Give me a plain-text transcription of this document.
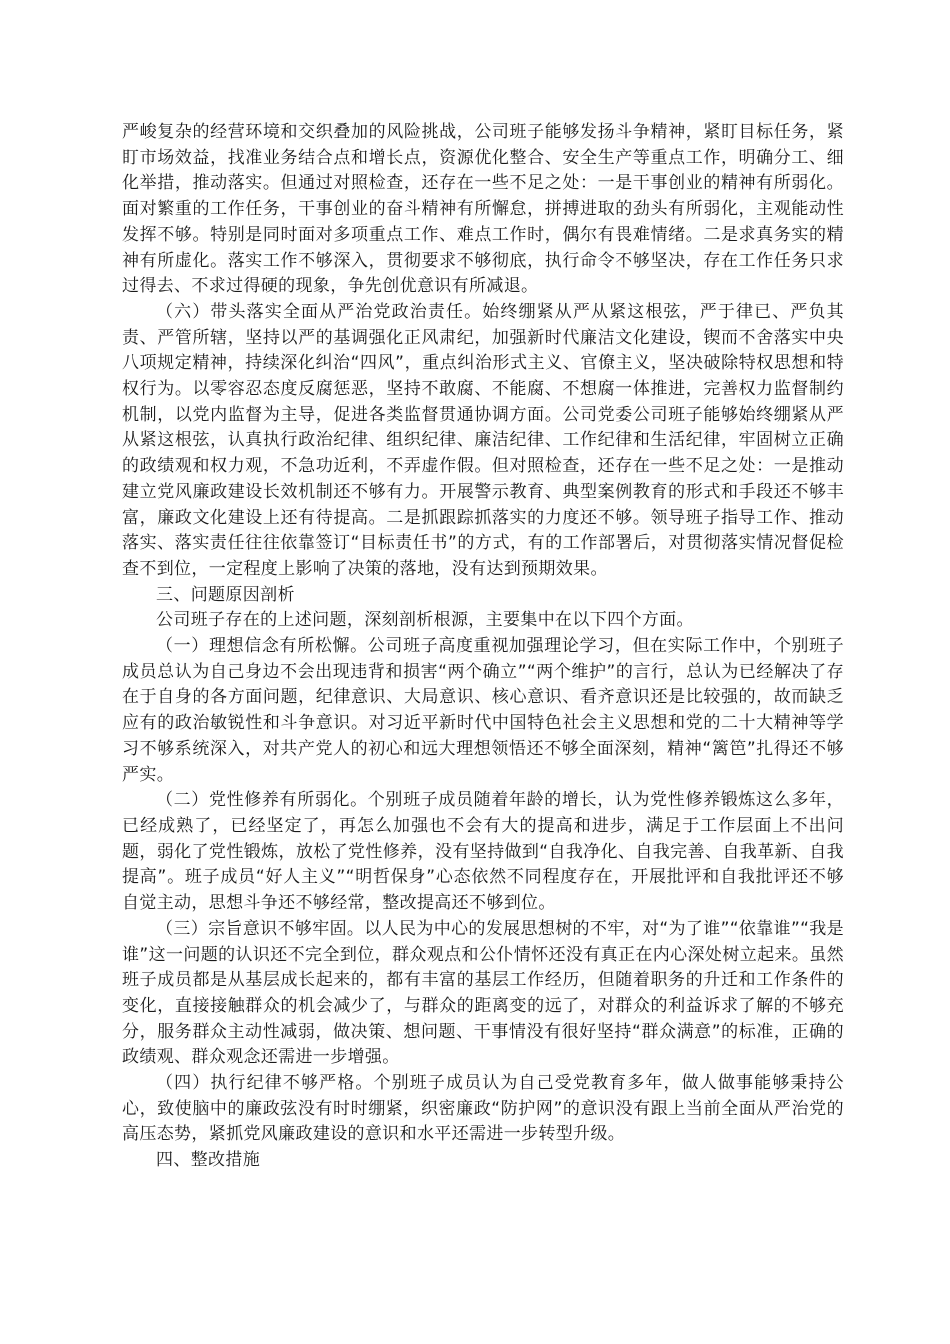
严峻复杂的经营环境和交织叠加的风险挑战，公司班子能够发扬斗争精神，紧盯目标任务，紧盯市场效益，找准业务结合点和增长点，资源优化整合、安全生产等重点工作，明确分工、细化举措，推动落实。但通过对照检查，还存在一些不足之处：一是干事创业的精神有所弱化。面对繁重的工作任务，干事创业的奋斗精神有所懈怠，拼搏进取的劲头有所弱化，主观能动性发挥不够。特别是同时面对多项重点工作、难点工作时，偶尔有畏难情绪。二是求真务实的精神有所虚化。落实工作不够深入，贯彻要求不够彻底，执行命令不够坚决，存在工作任务只求过得去、不求过得硬的现象，争先创优意识有所减退。

（六）带头落实全面从严治党政治责任。始终绷紧从严从紧这根弦，严于律已、严负其责、严管所辖，坚持以严的基调强化正风肃纪，加强新时代廉洁文化建设，锲而不舍落实中央八项规定精神，持续深化纠治“四风”，重点纠治形式主义、官僚主义，坚决破除特权思想和特权行为。以零容忍态度反腐惩恶，坚持不敢腐、不能腐、不想腐一体推进，完善权力监督制约机制，以党内监督为主导，促进各类监督贯通协调方面。公司党委公司班子能够始终绷紧从严从紧这根弦，认真执行政治纪律、组织纪律、廉洁纪律、工作纪律和生活纪律，牢固树立正确的政绩观和权力观，不急功近利，不弄虚作假。但对照检查，还存在一些不足之处：一是推动建立党风廉政建设长效机制还不够有力。开展警示教育、典型案例教育的形式和手段还不够丰富，廉政文化建设上还有待提高。二是抓跟踪抓落实的力度还不够。领导班子指导工作、推动落实、落实责任往往依靠签订“目标责任书”的方式，有的工作部署后，对贯彻落实情况督促检查不到位，一定程度上影响了决策的落地，没有达到预期效果。

三、问题原因剖析

公司班子存在的上述问题，深刻剖析根源，主要集中在以下四个方面。

（一）理想信念有所松懈。公司班子高度重视加强理论学习，但在实际工作中，个别班子成员总认为自己身边不会出现违背和损害“两个确立”“两个维护”的言行，总认为已经解决了存在于自身的各方面问题，纪律意识、大局意识、核心意识、看齐意识还是比较强的，故而缺乏应有的政治敏锐性和斗争意识。对习近平新时代中国特色社会主义思想和党的二十大精神等学习不够系统深入，对共产党人的初心和远大理想领悟还不够全面深刻，精神“篱笆”扎得还不够严实。

（二）党性修养有所弱化。个别班子成员随着年龄的增长，认为党性修养锻炼这么多年，已经成熟了，已经坚定了，再怎么加强也不会有大的提高和进步，满足于工作层面上不出问题，弱化了党性锻炼，放松了党性修养，没有坚持做到“自我净化、自我完善、自我革新、自我提高”。班子成员“好人主义”“明哲保身”心态依然不同程度存在，开展批评和自我批评还不够自觉主动，思想斗争还不够经常，整改提高还不够到位。

（三）宗旨意识不够牢固。以人民为中心的发展思想树的不牢，对“为了谁”“依靠谁”“我是谁”这一问题的认识还不完全到位，群众观点和公仆情怀还没有真正在内心深处树立起来。虽然班子成员都是从基层成长起来的，都有丰富的基层工作经历，但随着职务的升迁和工作条件的变化，直接接触群众的机会减少了，与群众的距离变的远了，对群众的利益诉求了解的不够充分，服务群众主动性减弱，做决策、想问题、干事情没有很好坚持“群众满意”的标准，正确的政绩观、群众观念还需进一步增强。

（四）执行纪律不够严格。个别班子成员认为自己受党教育多年，做人做事能够秉持公心，致使脑中的廉政弦没有时时绷紧，织密廉政“防护网”的意识没有跟上当前全面从严治党的高压态势，紧抓党风廉政建设的意识和水平还需进一步转型升级。

四、整改措施
